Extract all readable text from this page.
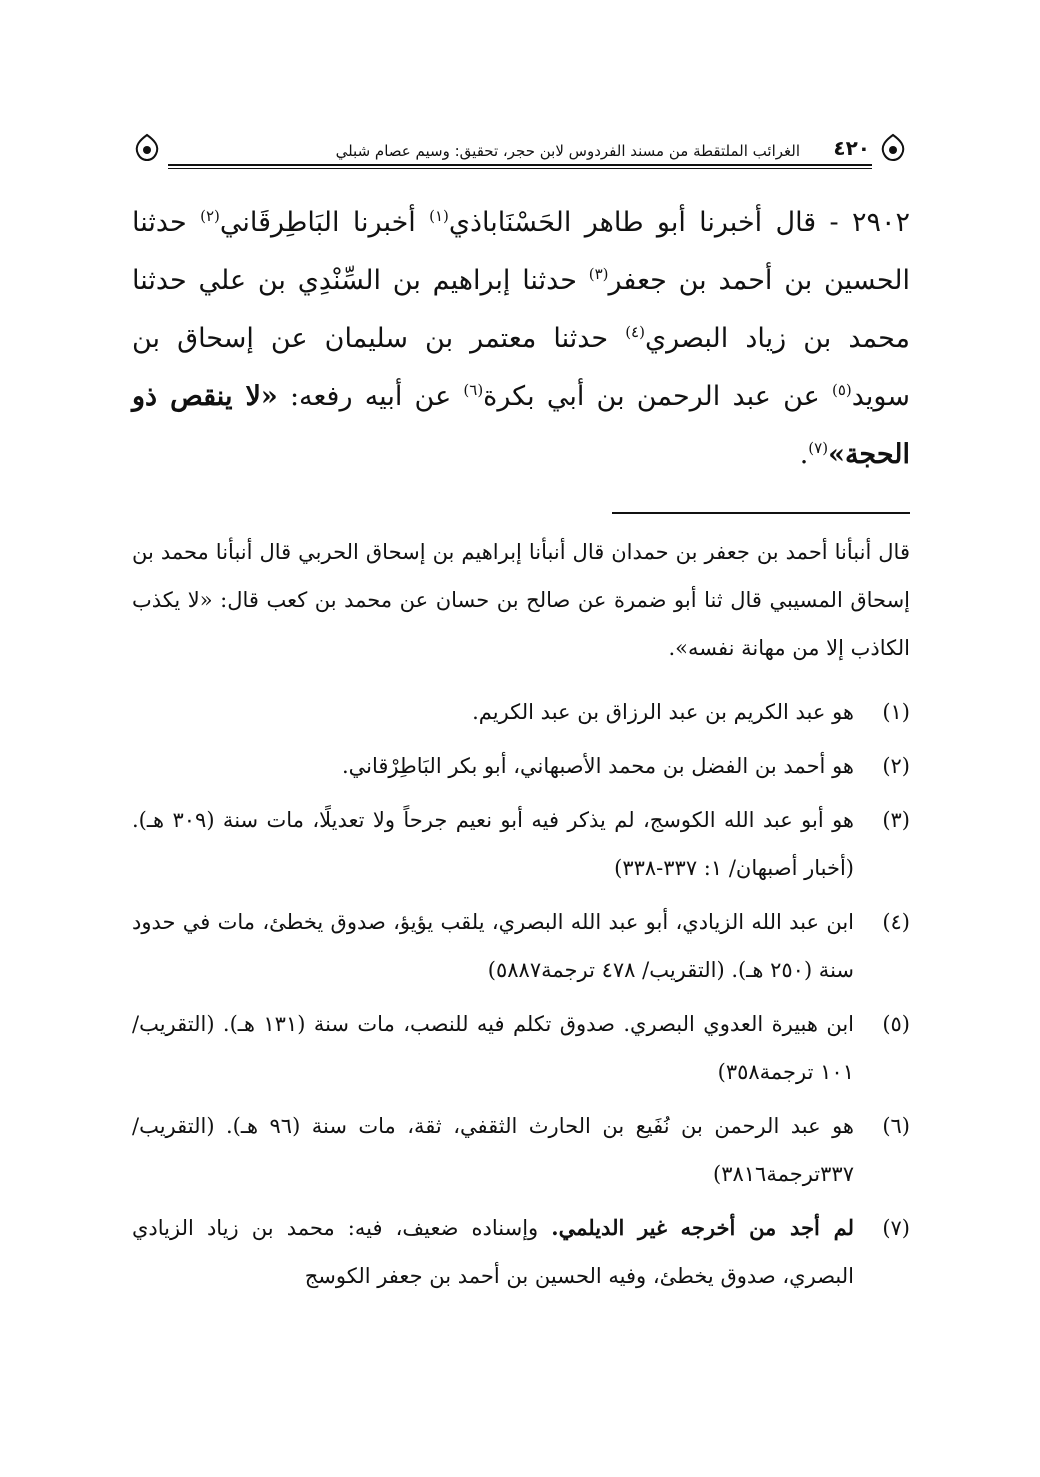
٤٢٠
الغرائب الملتقطة من مسند الفردوس لابن حجر، تحقيق: وسيم عصام شبلي
٢٩٠٢ - قال أخبرنا أبو طاهر الحَسْنَاباذي$^{(١)}$ أخبرنا البَاطِرقَاني$^{(٢)}$ حدثنا الحسين بن أحمد بن جعفر$^{(٣)}$ حدثنا إبراهيم بن السِّنْدِي بن علي حدثنا محمد بن زياد البصري$^{(٤)}$ حدثنا معتمر بن سليمان عن إسحاق بن سويد$^{(٥)}$ عن عبد الرحمن بن أبي بكرة$^{(٦)}$ عن أبيه رفعه: «لا ينقص ذو الحجة»$^{(٧)}$.
قال أنبأنا أحمد بن جعفر بن حمدان قال أنبأنا إبراهيم بن إسحاق الحربي قال أنبأنا محمد بن إسحاق المسيبي قال ثنا أبو ضمرة عن صالح بن حسان عن محمد بن كعب قال: «لا يكذب الكاذب إلا من مهانة نفسه».
(١)
هو عبد الكريم بن عبد الرزاق بن عبد الكريم.
(٢)
هو أحمد بن الفضل بن محمد الأصبهاني، أبو بكر البَاطِرْقاني.
(٣)
هو أبو عبد الله الكوسج، لم يذكر فيه أبو نعيم جرحاً ولا تعديلًا، مات سنة (٣٠٩ هـ). (أخبار أصبهان/ ١: ٣٣٧-٣٣٨)
(٤)
ابن عبد الله الزيادي، أبو عبد الله البصري، يلقب يؤيؤ، صدوق يخطئ، مات في حدود سنة (٢٥٠ هـ). (التقريب/ ٤٧٨ ترجمة٥٨٨٧)
(٥)
ابن هبيرة العدوي البصري. صدوق تكلم فيه للنصب، مات سنة (١٣١ هـ). (التقريب/ ١٠١ ترجمة٣٥٨)
(٦)
هو عبد الرحمن بن نُفَيع بن الحارث الثقفي، ثقة، مات سنة (٩٦ هـ). (التقريب/ ٣٣٧ترجمة٣٨١٦)
(٧)
لم أجد من أخرجه غير الديلمي. وإسناده ضعيف، فيه: محمد بن زياد الزيادي البصري، صدوق يخطئ، وفيه الحسين بن أحمد بن جعفر الكوسج
